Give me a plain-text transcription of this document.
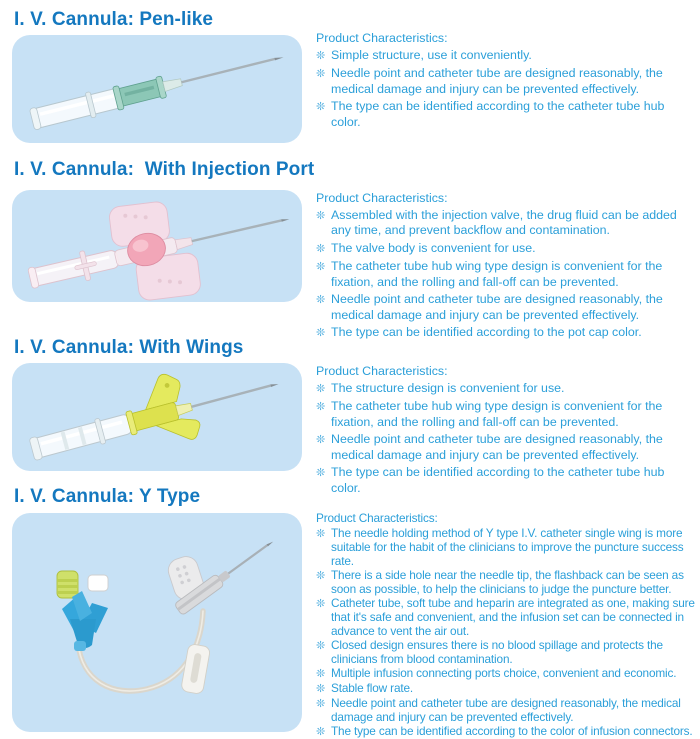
I. V. Cannula: Pen-like

Product Characteristics:

❊ Simple structure, use it conveniently.
❊ Needle point and catheter tube are designed reasonably, the medical damage and injury can be prevented effectively.
❊ The type can be identified according to the catheter tube hub color.
I. V. Cannula:  With Injection Port

Product Characteristics:

❊ Assembled with the injection valve, the drug fluid can be added any time, and prevent backflow and contamination.
❊ The valve body is convenient for use.
❊ The catheter tube hub wing type design is convenient for the fixation, and the rolling and fall-off can be prevented.
❊ Needle point and catheter tube are designed reasonably, the medical damage and injury can be prevented effectively.
❊ The type can be identified according to the pot cap color.
I. V. Cannula: With Wings

Product Characteristics:

❊ The structure design is convenient for use.
❊ The catheter tube hub wing type design is convenient for the fixation, and the rolling and fall-off can be prevented.
❊ Needle point and catheter tube are designed reasonably, the medical damage and injury can be prevented effectively.
❊ The type can be identified according to the catheter tube hub color.
I. V. Cannula: Y Type

Product Characteristics:

❊ The needle holding method of Y type I.V. catheter single wing is more suitable for the habit of the clinicians to improve the puncture success rate.
❊ There is a side hole near the needle tip, the flashback can be seen as soon as possible, to help the clinicians to judge the puncture better.
❊ Catheter tube, soft tube and heparin are integrated as one, making sure that it's safe and convenient, and the infusion set can be connected in advance to vent the air out.
❊ Closed design ensures there is no blood spillage and protects the clinicians from blood contamination.
❊ Multiple infusion connecting ports choice, convenient and economic.
❊ Stable flow rate.
❊ Needle point and catheter tube are designed reasonably, the medical damage and injury can be prevented effectively.
❊ The type can be identified according to the color of infusion connectors.
